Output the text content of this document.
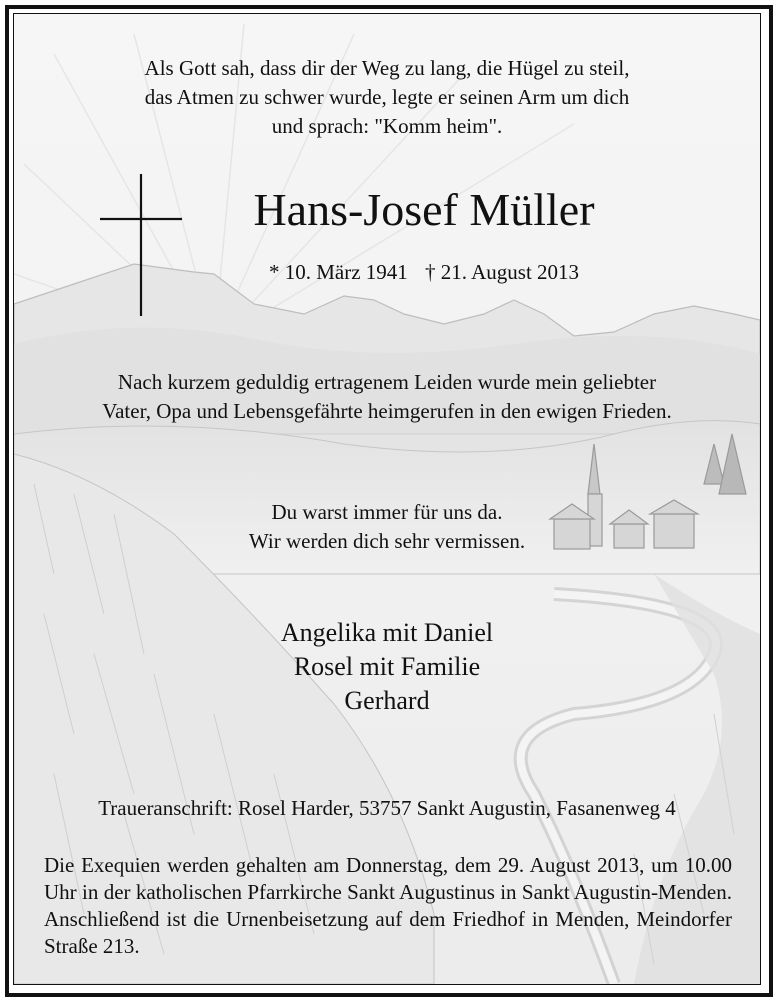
Als Gott sah, dass dir der Weg zu lang, die Hügel zu steil,
das Atmen zu schwer wurde, legte er seinen Arm um dich
und sprach: "Komm heim".
Hans-Josef Müller
* 10. März 1941 † 21. August 2013
Nach kurzem geduldig ertragenem Leiden wurde mein geliebter
Vater, Opa und Lebensgefährte heimgerufen in den ewigen Frieden.
Du warst immer für uns da.
Wir werden dich sehr vermissen.
Angelika mit Daniel
Rosel mit Familie
Gerhard
Traueranschrift: Rosel Harder, 53757 Sankt Augustin, Fasanenweg 4

Die Exequien werden gehalten am Donnerstag, dem 29. August 2013, um 10.00 Uhr in der katholischen Pfarrkirche Sankt Augustinus in Sankt Augustin-Menden. Anschließend ist die Urnenbeisetzung auf dem Friedhof in Menden, Meindorfer Straße 213.
